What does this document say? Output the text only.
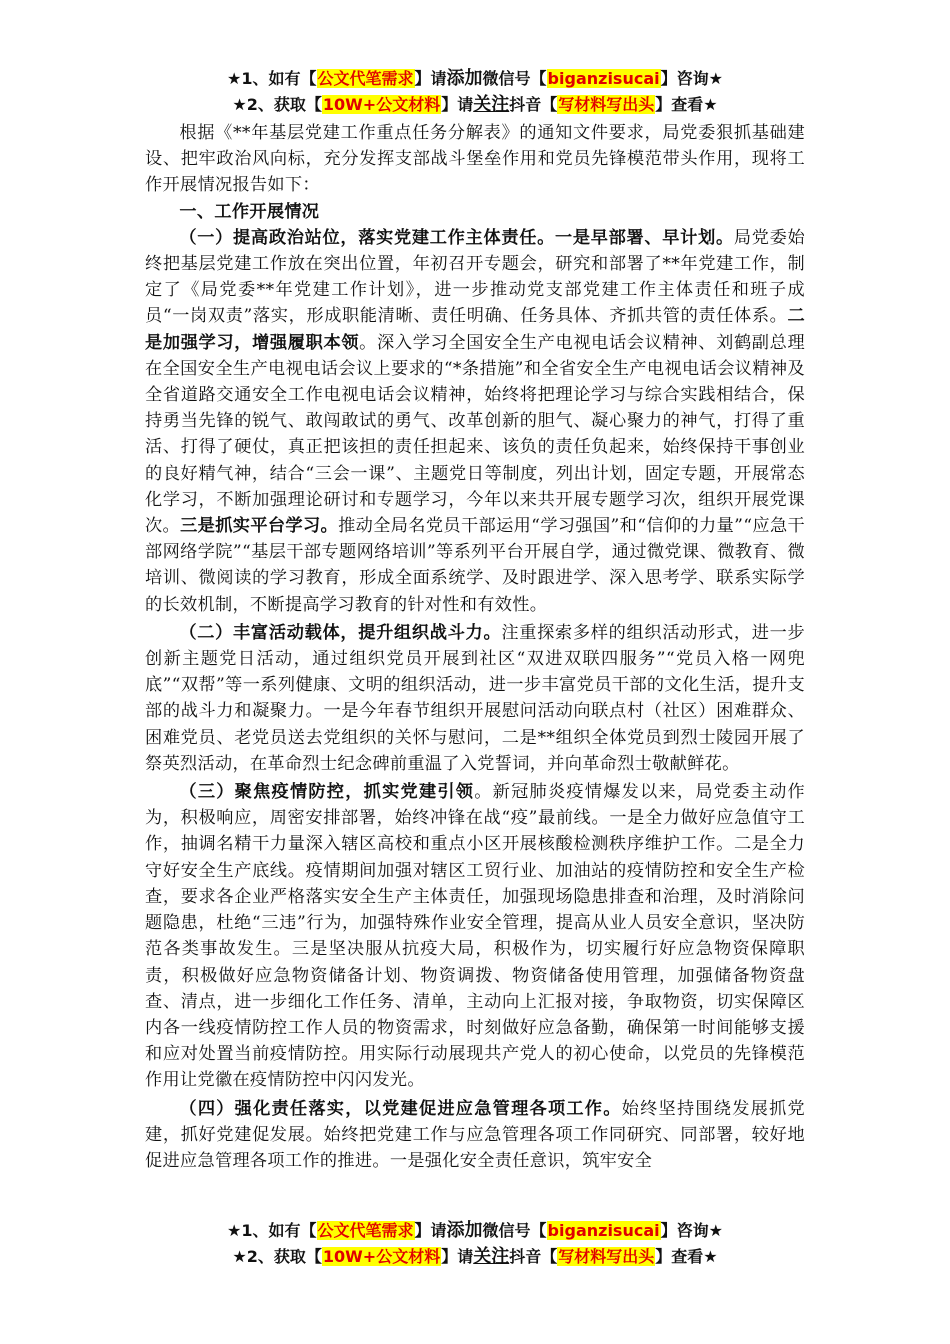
★1、如有【公文代笔需求】请添加微信号【biganzisucai】咨询★
★2、获取【10W+公文材料】请关注抖音【写材料写出头】查看★

根据《**年基层党建工作重点任务分解表》的通知文件要求，局党委狠抓基础建设、把牢政治风向标，充分发挥支部战斗堡垒作用和党员先锋模范带头作用，现将工作开展情况报告如下：

一、工作开展情况

（一）提高政治站位，落实党建工作主体责任。一是早部署、早计划。局党委始终把基层党建工作放在突出位置，年初召开专题会，研究和部署了**年党建工作，制定了《局党委**年党建工作计划》，进一步推动党支部党建工作主体责任和班子成员“一岗双责”落实，形成职能清晰、责任明确、任务具体、齐抓共管的责任体系。二是加强学习，增强履职本领。深入学习全国安全生产电视电话会议精神、刘鹤副总理在全国安全生产电视电话会议上要求的“*条措施”和全省安全生产电视电话会议精神及全省道路交通安全工作电视电话会议精神，始终将把理论学习与综合实践相结合，保持勇当先锋的锐气、敢闯敢试的勇气、改革创新的胆气、凝心聚力的神气，打得了重活、打得了硬仗，真正把该担的责任担起来、该负的责任负起来，始终保持干事创业的良好精气神，结合“三会一课”、主题党日等制度，列出计划，固定专题，开展常态化学习，不断加强理论研讨和专题学习，今年以来共开展专题学习次，组织开展党课次。三是抓实平台学习。推动全局名党员干部运用“学习强国”和“信仰的力量”“应急干部网络学院”“基层干部专题网络培训”等系列平台开展自学，通过微党课、微教育、微培训、微阅读的学习教育，形成全面系统学、及时跟进学、深入思考学、联系实际学的长效机制，不断提高学习教育的针对性和有效性。

（二）丰富活动载体，提升组织战斗力。注重探索多样的组织活动形式，进一步创新主题党日活动，通过组织党员开展到社区“双进双联四服务”“党员入格一网兜底”“双帮”等一系列健康、文明的组织活动，进一步丰富党员干部的文化生活，提升支部的战斗力和凝聚力。一是今年春节组织开展慰问活动向联点村（社区）困难群众、困难党员、老党员送去党组织的关怀与慰问，二是**组织全体党员到烈士陵园开展了祭英烈活动，在革命烈士纪念碑前重温了入党誓词，并向革命烈士敬献鲜花。

（三）聚焦疫情防控，抓实党建引领。新冠肺炎疫情爆发以来，局党委主动作为，积极响应，周密安排部署，始终冲锋在战“疫”最前线。一是全力做好应急值守工作，抽调名精干力量深入辖区高校和重点小区开展核酸检测秩序维护工作。二是全力守好安全生产底线。疫情期间加强对辖区工贸行业、加油站的疫情防控和安全生产检查，要求各企业严格落实安全生产主体责任，加强现场隐患排查和治理，及时消除问题隐患，杜绝“三违”行为，加强特殊作业安全管理，提高从业人员安全意识，坚决防范各类事故发生。三是坚决服从抗疫大局，积极作为，切实履行好应急物资保障职责，积极做好应急物资储备计划、物资调拨、物资储备使用管理，加强储备物资盘查、清点，进一步细化工作任务、清单，主动向上汇报对接，争取物资，切实保障区内各一线疫情防控工作人员的物资需求，时刻做好应急备勤，确保第一时间能够支援和应对处置当前疫情防控。用实际行动展现共产党人的初心使命，以党员的先锋模范作用让党徽在疫情防控中闪闪发光。

（四）强化责任落实，以党建促进应急管理各项工作。始终坚持围绕发展抓党建，抓好党建促发展。始终把党建工作与应急管理各项工作同研究、同部署，较好地促进应急管理各项工作的推进。一是强化安全责任意识，筑牢安全

★1、如有【公文代笔需求】请添加微信号【biganzisucai】咨询★
★2、获取【10W+公文材料】请关注抖音【写材料写出头】查看★
